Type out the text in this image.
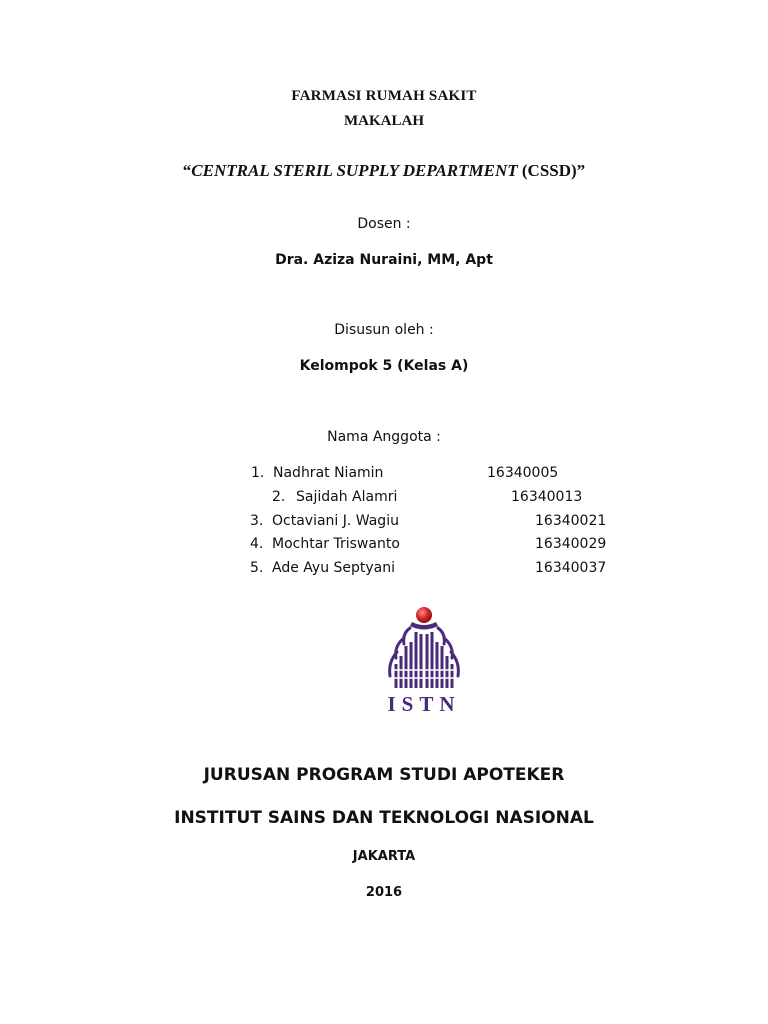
FARMASI RUMAH SAKIT
MAKALAH
“CENTRAL STERIL SUPPLY DEPARTMENT (CSSD)”
Dosen :
Dra. Aziza Nuraini, MM, Apt
Disusun oleh :
Kelompok 5 (Kelas A)
Nama Anggota :
1. Nadhrat Niamin	16340005
2. Sajidah Alamri	16340013
3. Octaviani J. Wagiu	16340021
4. Mochtar Triswanto	16340029
5. Ade Ayu Septyani	16340037
ISTN
JURUSAN PROGRAM STUDI APOTEKER
INSTITUT SAINS DAN TEKNOLOGI NASIONAL
JAKARTA
2016
